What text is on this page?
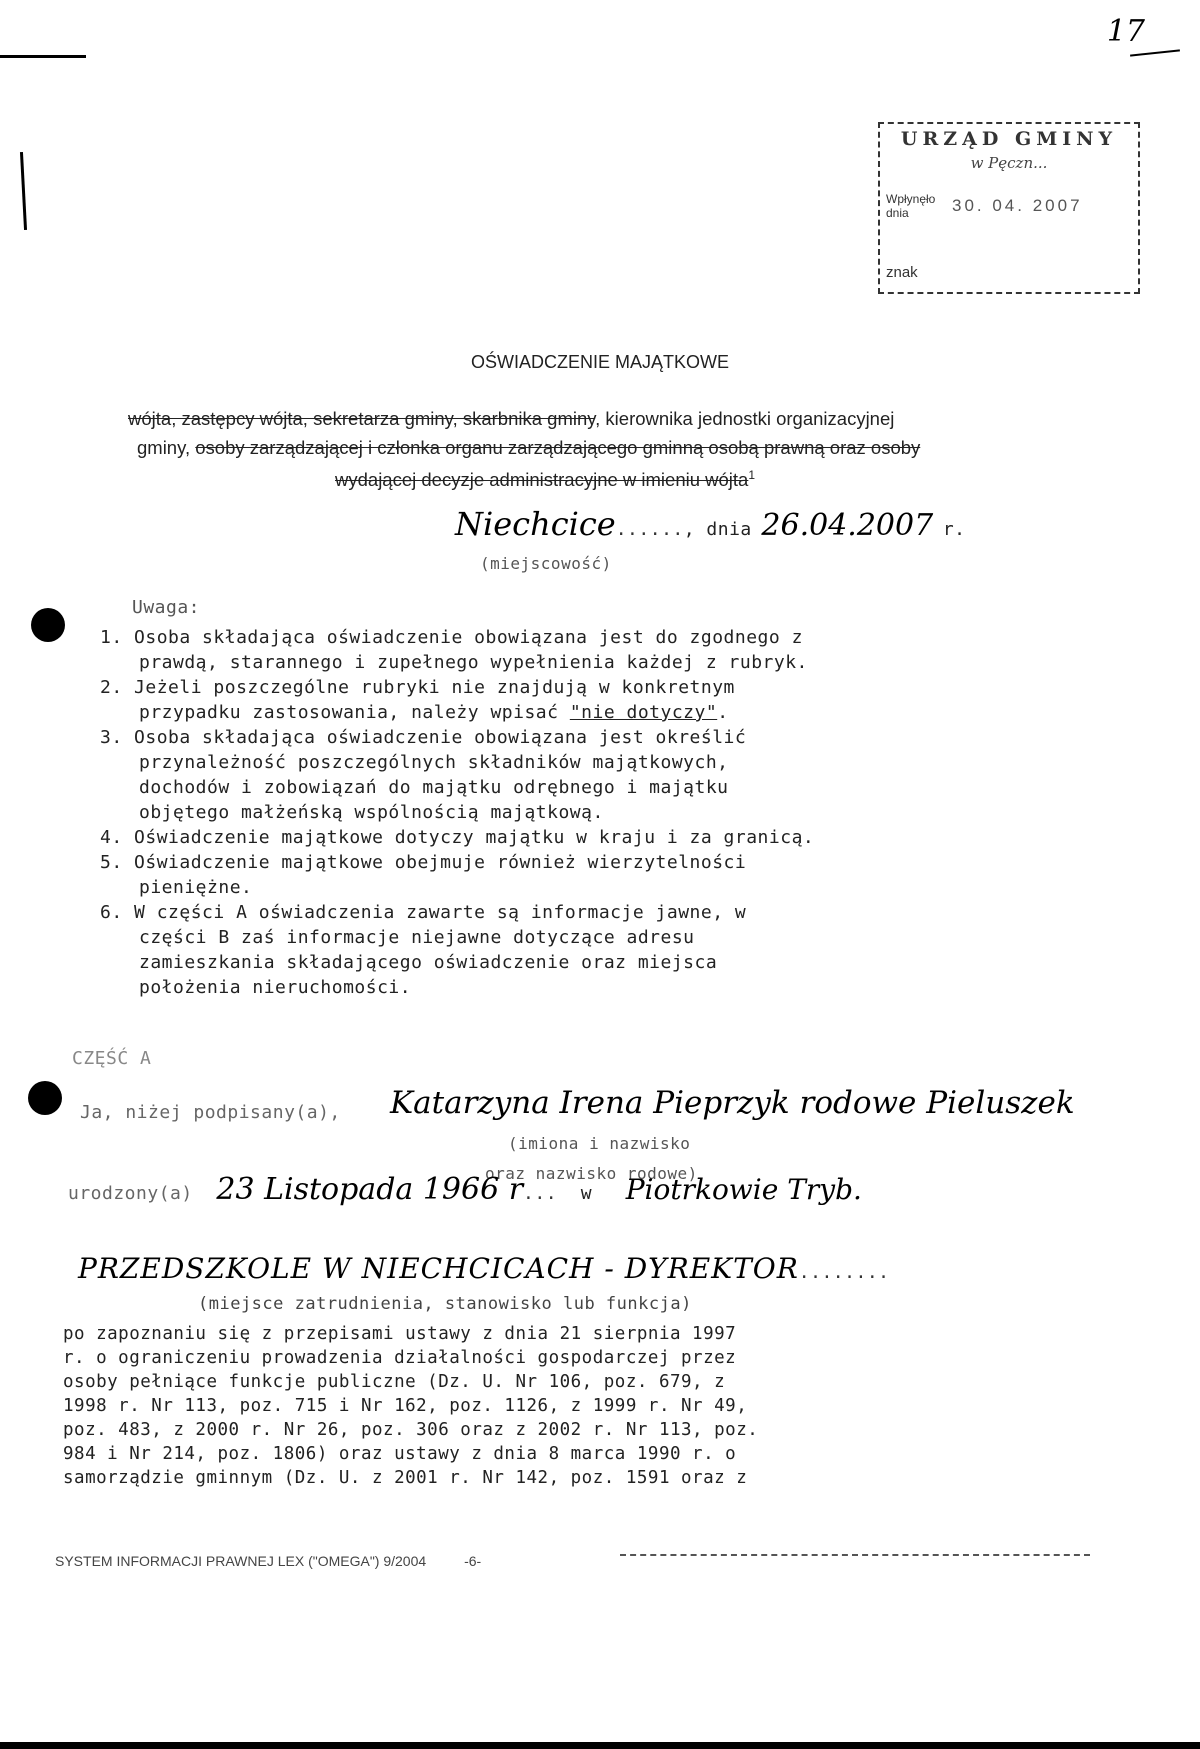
17
URZĄD GMINY
w Pęczn...
Wpłynęło dnia	30. 04. 2007
znak
OŚWIADCZENIE MAJĄTKOWE
wójta, zastępcy wójta, sekretarza gminy, skarbnika gminy, kierownika jednostki organizacyjnej
gminy, osoby zarządzającej i członka organu zarządzającego gminną osobą prawną oraz osoby
wydającej decyzje administracyjne w imieniu wójta$^1$
Niechcice......, dnia 26.04.2007 r.
(miejscowość)
Uwaga:
1. Osoba składająca oświadczenie obowiązana jest do zgodnego z
prawdą, starannego i zupełnego wypełnienia każdej z rubryk.
2. Jeżeli poszczególne rubryki nie znajdują w konkretnym
przypadku zastosowania, należy wpisać "nie dotyczy".
3. Osoba składająca oświadczenie obowiązana jest określić
przynależność poszczególnych składników majątkowych,
dochodów i zobowiązań do majątku odrębnego i majątku
objętego małżeńską wspólnością majątkową.
4. Oświadczenie majątkowe dotyczy majątku w kraju i za granicą.
5. Oświadczenie majątkowe obejmuje również wierzytelności
pieniężne.
6. W części A oświadczenia zawarte są informacje jawne, w
części B zaś informacje niejawne dotyczące adresu
zamieszkania składającego oświadczenie oraz miejsca
położenia nieruchomości.
CZĘŚĆ A
Ja, niżej podpisany(a), Katarzyna Irena Pieprzyk rodowe Pieluszek
(imiona i nazwisko
oraz nazwisko rodowe)
urodzony(a) 23 Listopada 1966 r... w Piotrkowie Tryb.
PRZEDSZKOLE W NIECHCICACH - DYREKTOR........
(miejsce zatrudnienia, stanowisko lub funkcja)
po zapoznaniu się z przepisami ustawy z dnia 21 sierpnia 1997
r. o ograniczeniu prowadzenia działalności gospodarczej przez
osoby pełniące funkcje publiczne (Dz. U. Nr 106, poz. 679, z
1998 r. Nr 113, poz. 715 i Nr 162, poz. 1126, z 1999 r. Nr 49,
poz. 483, z 2000 r. Nr 26, poz. 306 oraz z 2002 r. Nr 113, poz.
984 i Nr 214, poz. 1806) oraz ustawy z dnia 8 marca 1990 r. o
samorządzie gminnym (Dz. U. z 2001 r. Nr 142, poz. 1591 oraz z
SYSTEM INFORMACJI PRAWNEJ LEX ("OMEGA") 9/2004	-6-
